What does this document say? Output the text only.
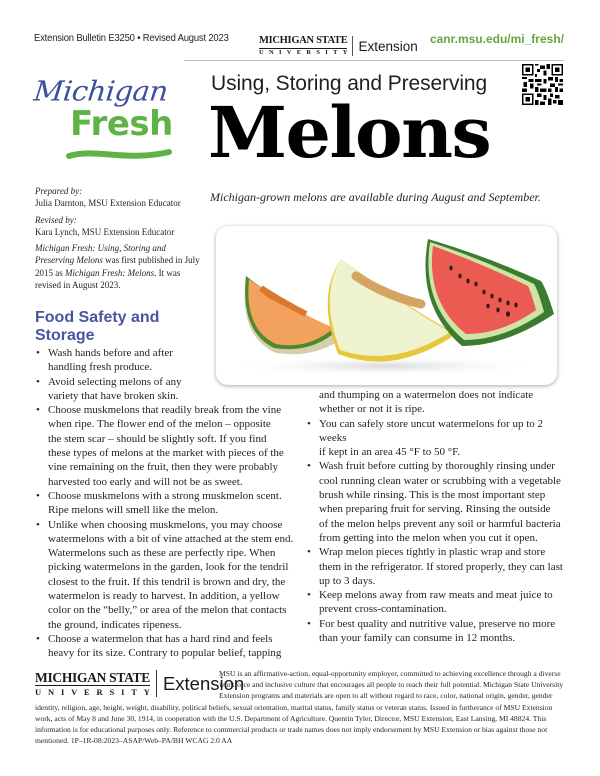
Extension Bulletin E3250 • Revised August 2023	MICHIGAN STATE
U N I V E R S I T Y Extension canr.msu.edu/mi_fresh/
Michigan
Fresh
Using, Storing and Preserving
Melons
Michigan-grown melons are available during August and September.

Prepared by:
Julia Darnton, MSU Extension Educator

Revised by:
Kara Lynch, MSU Extension Educator

Michigan Fresh: Using, Storing and Preserving Melons was first published in July 2015 as Michigan Fresh: Melons. It was revised in August 2023.

Food Safety and Storage
• Wash hands before and after
handling fresh produce.
• Avoid selecting melons of any
variety that have broken skin.
• Choose muskmelons that readily break from the vine
when ripe. The flower end of the melon – opposite
the stem scar – should be slightly soft. If you find
these types of melons at the market with pieces of the
vine remaining on the fruit, then they were probably
harvested too early and will not be as sweet.
• Choose muskmelons with a strong muskmelon scent.
Ripe melons will smell like the melon.
• Unlike when choosing muskmelons, you may choose
watermelons with a bit of vine attached at the stem end.
Watermelons such as these are perfectly ripe. When
picking watermelons in the garden, look for the tendril
closest to the fruit. If this tendril is brown and dry, the
watermelon is ready to harvest. In addition, a yellow
color on the “belly,” or area of the melon that contacts
the ground, indicates ripeness.
• Choose a watermelon that has a hard rind and feels
heavy for its size. Contrary to popular belief, tapping
and thumping on a watermelon does not indicate
whether or not it is ripe.
• You can safely store uncut watermelons for up to 2 weeks
if kept in an area 45 °F to 50 °F.
• Wash fruit before cutting by thoroughly rinsing under
cool running clean water or scrubbing with a vegetable
brush while rinsing. This is the most important step
when preparing fruit for serving. Rinsing the outside
of the melon helps prevent any soil or harmful bacteria
from getting into the melon when you cut it open.
• Wrap melon pieces tightly in plastic wrap and store
them in the refrigerator. If stored properly, they can last
up to 3 days.
• Keep melons away from raw meats and meat juice to
prevent cross-contamination.
• For best quality and nutritive value, preserve no more
than your family can consume in 12 months.
MSU is an affirmative-action, equal-opportunity employer, committed to achieving excellence through a diverse workforce and inclusive culture that encourages all people to reach their full potential. Michigan State University Extension programs and materials are open to all without regard to race, color, national origin, gender, gender identity, religion, age, height, weight, disability, political beliefs, sexual orientation, marital status, family status or veteran status. Issued in furtherance of MSU Extension work, acts of May 8 and June 30, 1914, in cooperation with the U.S. Department of Agriculture. Quentin Tyler, Director, MSU Extension, East Lansing, MI 48824. This information is for educational purposes only. Reference to commercial products or trade names does not imply endorsement by MSU Extension or bias against those not mentioned. 1P–1R-08:2023–ASAP/Web–PA/BH WCAG 2.0 AA
MICHIGAN STATE
U N I V E R S I T Y Extension
